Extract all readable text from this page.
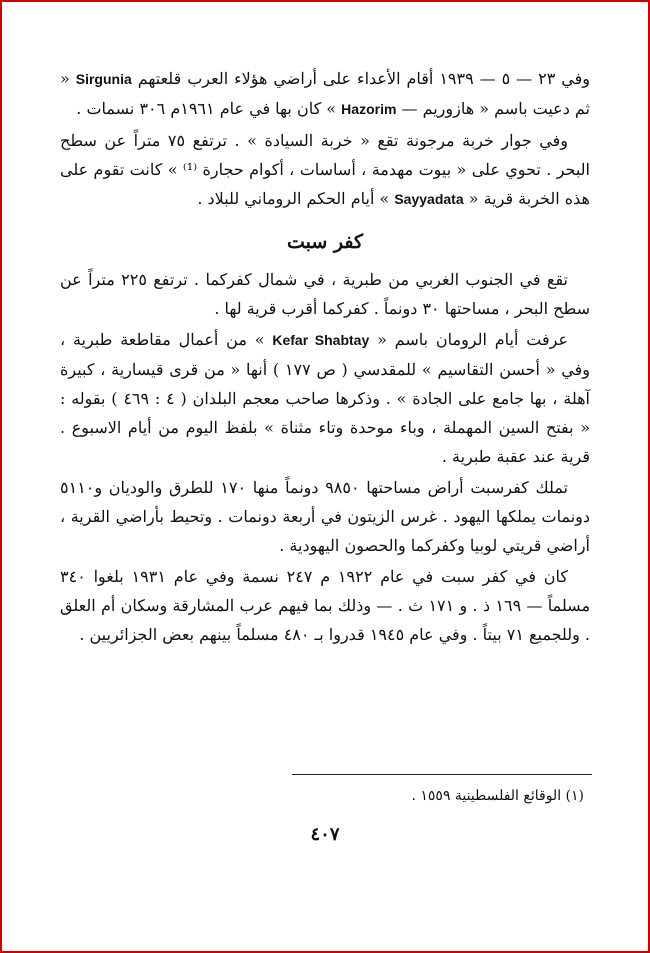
وفي ٢٣ — ٥ — ١٩٣٩ أقام الأعداء على أراضي هؤلاء العرب قلعتهم Sirgunia « ثم دعيت باسم « هازوريم — Hazorim » كان بها في عام ١٩٦١م ٣٠٦ نسمات .

وفي جوار خربة مرجونة تقع « خربة السيادة » . ترتفع ٧٥ متراً عن سطح البحر . تحوي على « بيوت مهدمة ، أساسات ، أكوام حجارة ⁽¹⁾ » كانت تقوم على هذه الخربة قرية « Sayyadata » أيام الحكم الروماني للبلاد .

كفر سبت

تقع في الجنوب الغربي من طبرية ، في شمال كفركما . ترتفع ٢٢٥ متراً عن سطح البحر ، مساحتها ٣٠ دونماً . كفركما أقرب قرية لها .

عرفت أيام الرومان باسم « Kefar Shabtay » من أعمال مقاطعة طبرية ، وفي « أحسن التقاسيم » للمقدسي ( ص ١٧٧ ) أنها « من قرى قيسارية ، كبيرة آهلة ، بها جامع على الجادة » . وذكرها صاحب معجم البلدان ( ٤ : ٤٦٩ ) بقوله : « بفتح السين المهملة ، وباء موحدة وتاء مثناة » بلفظ اليوم من أيام الاسبوع . قرية عند عقبة طبرية .

تملك كفرسبت أراض مساحتها ٩٨٥٠ دونماً منها ١٧٠ للطرق والوديان و٥١١٠ دونمات يملكها اليهود . غرس الزيتون في أربعة دونمات . وتحيط بأراضي القرية ، أراضي قريتي لوبيا وكفركما والحصون اليهودية .

كان في كفر سبت في عام ١٩٢٢ م ٢٤٧ نسمة وفي عام ١٩٣١ بلغوا ٣٤٠ مسلماً — ١٦٩ ذ . و ١٧١ ث . — وذلك بما فيهم عرب المشارقة وسكان أم العلق . وللجميع ٧١ بيتاً . وفي عام ١٩٤٥ قدروا بـ ٤٨٠ مسلماً بينهم بعض الجزائريين .

(١) الوقائع الفلسطينية ١٥٥٩ .
٤٠٧
